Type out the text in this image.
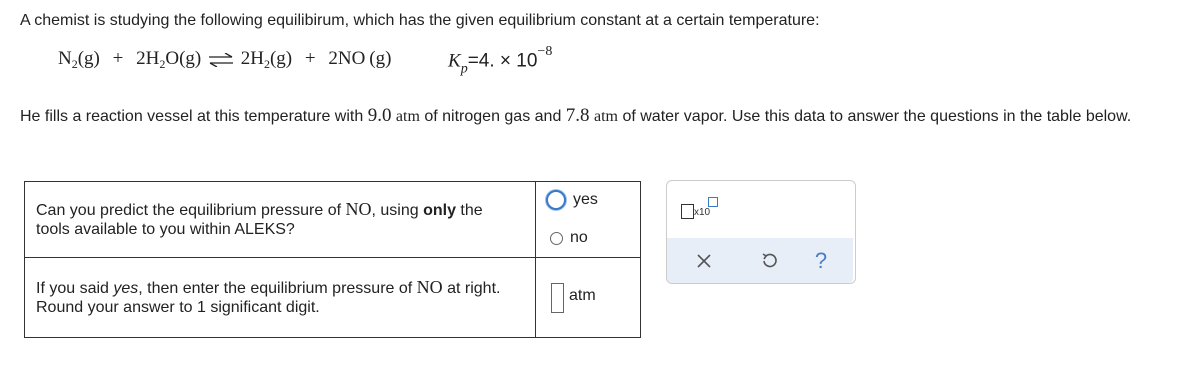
A chemist is studying the following equilibirum, which has the given equilibrium constant at a certain temperature:
$N_2(g) + 2H_2O(g)$ ⇌ $2H_2(g) + 2NO$ (g)	$K_p=4$. × $10^{-8}$
He fills a reaction vessel at this temperature with 9.0 atm of nitrogen gas and 7.8 atm of water vapor. Use this data to answer the questions in the table below.
Can you predict the equilibrium pressure of NO, using only the
tools available to you within ALEKS?
yes
no
If you said yes, then enter the equilibrium pressure of NO at right.
Round your answer to 1 significant digit.
atm
x10
?
